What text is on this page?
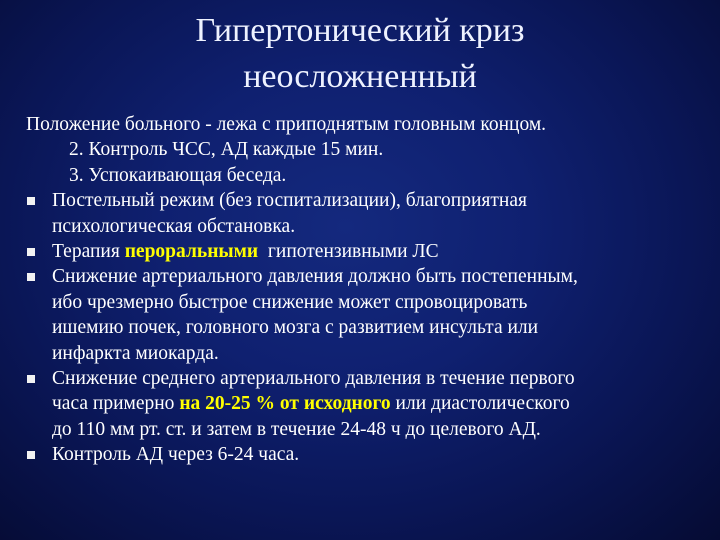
Гипертонический криз
неосложненный
Положение больного - лежа с приподнятым головным концом.
2. Контроль ЧСС, АД каждые 15 мин.
3. Успокаивающая беседа.
Постельный режим (без госпитализации), благоприятная
психологическая обстановка.
Терапия пероральными  гипотензивными ЛС
Снижение артериального давления должно быть постепенным,
ибо чрезмерно быстрое снижение может спровоцировать
ишемию почек, головного мозга с развитием инсульта или
инфаркта миокарда.
Снижение среднего артериального давления в течение первого
часа примерно на 20-25 % от исходного или диастолического
до 110 мм рт. ст. и затем в течение 24-48 ч до целевого АД.
Контроль АД через 6-24 часа.
